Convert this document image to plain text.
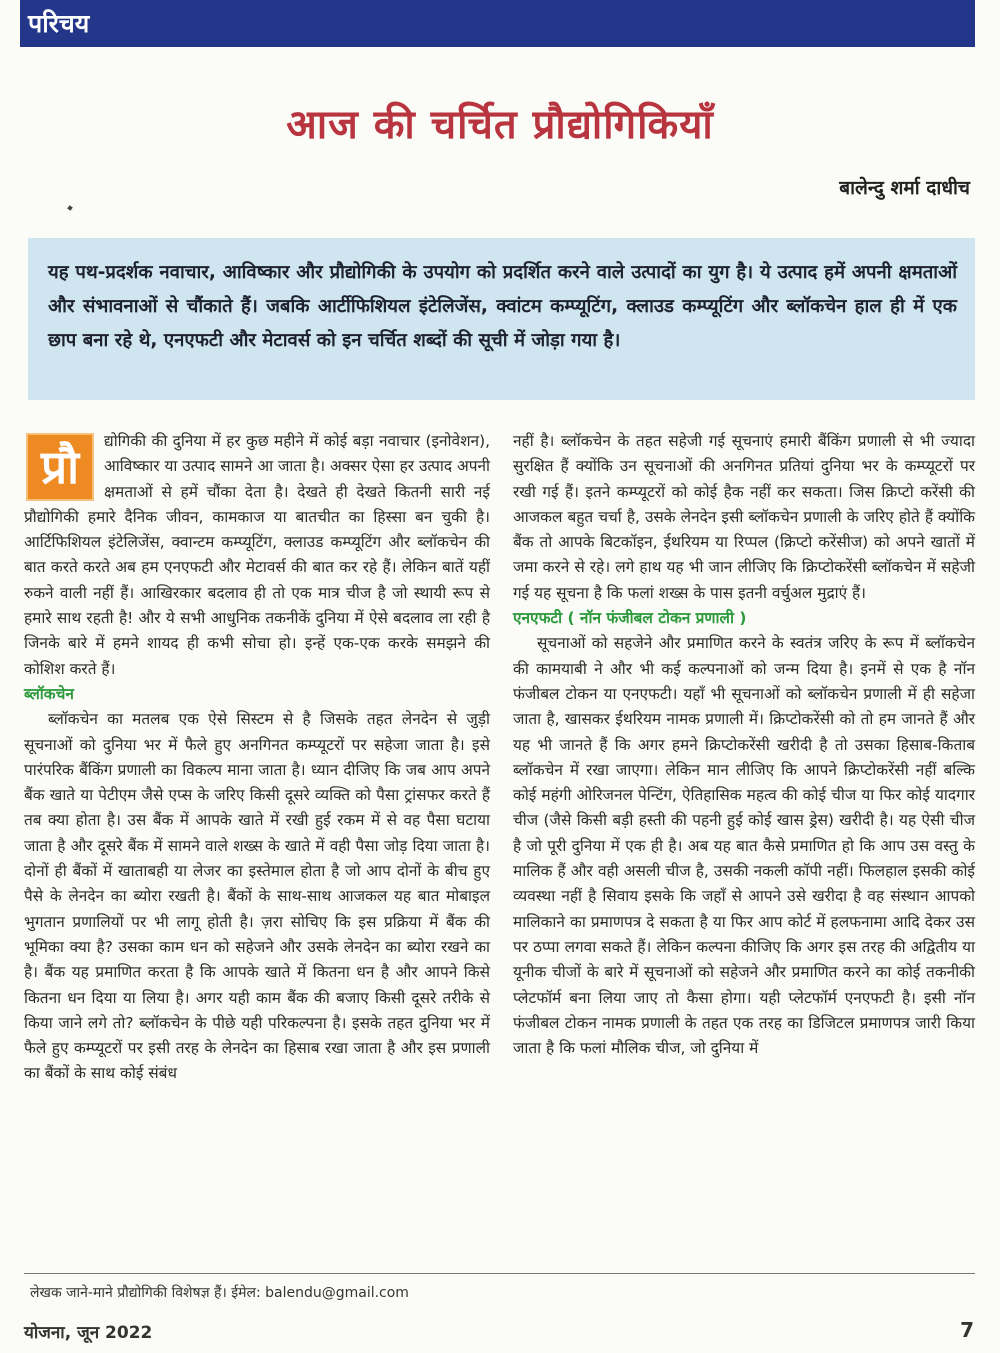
परिचय
आज की चर्चित प्रौद्योगिकियाँ
बालेन्दु शर्मा दाधीच

यह पथ-प्रदर्शक नवाचार, आविष्कार और प्रौद्योगिकी के उपयोग को प्रदर्शित करने वाले उत्पादों का युग है। ये उत्पाद हमें अपनी क्षमताओं और संभावनाओं से चौंकाते हैं। जबकि आर्टीफिशियल इंटेलिजेंस, क्वांटम कम्प्यूटिंग, क्लाउड कम्प्यूटिंग और ब्लॉकचेन हाल ही में एक छाप बना रहे थे, एनएफटी और मेटावर्स को इन चर्चित शब्दों की सूची में जोड़ा गया है।

प्रौ	द्योगिकी की दुनिया में हर कुछ महीने में कोई बड़ा नवाचार (इनोवेशन), आविष्कार या उत्पाद सामने आ जाता है। अक्सर ऐसा हर उत्पाद अपनी क्षमताओं से हमें चौंका देता है। देखते ही देखते कितनी सारी नई प्रौद्योगिकी हमारे दैनिक जीवन, कामकाज या बातचीत का हिस्सा बन चुकी है। आर्टिफिशियल इंटेलिजेंस, क्वान्टम कम्प्यूटिंग, क्लाउड कम्प्यूटिंग और ब्लॉकचेन की बात करते करते अब हम एनएफटी और मेटावर्स की बात कर रहे हैं। लेकिन बातें यहीं रुकने वाली नहीं हैं। आखिरकार बदलाव ही तो एक मात्र चीज है जो स्थायी रूप से हमारे साथ रहती है! और ये सभी आधुनिक तकनीकें दुनिया में ऐसे बदलाव ला रही है जिनके बारे में हमने शायद ही कभी सोचा हो। इन्हें एक-एक करके समझने की कोशिश करते हैं।

ब्लॉकचेन

ब्लॉकचेन का मतलब एक ऐसे सिस्टम से है जिसके तहत लेनदेन से जुड़ी सूचनाओं को दुनिया भर में फैले हुए अनगिनत कम्प्यूटरों पर सहेजा जाता है। इसे पारंपरिक बैंकिंग प्रणाली का विकल्प माना जाता है। ध्यान दीजिए कि जब आप अपने बैंक खाते या पेटीएम जैसे एप्स के जरिए किसी दूसरे व्यक्ति को पैसा ट्रांसफर करते हैं तब क्या होता है। उस बैंक में आपके खाते में रखी हुई रकम में से वह पैसा घटाया जाता है और दूसरे बैंक में सामने वाले शख्स के खाते में वही पैसा जोड़ दिया जाता है। दोनों ही बैंकों में खाताबही या लेजर का इस्तेमाल होता है जो आप दोनों के बीच हुए पैसे के लेनदेन का ब्योरा रखती है। बैंकों के साथ-साथ आजकल यह बात मोबाइल भुगतान प्रणालियों पर भी लागू होती है। ज़रा सोचिए कि इस प्रक्रिया में बैंक की भूमिका क्या है? उसका काम धन को सहेजने और उसके लेनदेन का ब्योरा रखने का है। बैंक यह प्रमाणित करता है कि आपके खाते में कितना धन है और आपने किसे कितना धन दिया या लिया है। अगर यही काम बैंक की बजाए किसी दूसरे तरीके से किया जाने लगे तो? ब्लॉकचेन के पीछे यही परिकल्पना है। इसके तहत दुनिया भर में फैले हुए कम्प्यूटरों पर इसी तरह के लेनदेन का हिसाब रखा जाता है और इस प्रणाली का बैंकों के साथ कोई संबंध

नहीं है। ब्लॉकचेन के तहत सहेजी गई सूचनाएं हमारी बैंकिंग प्रणाली से भी ज्यादा सुरक्षित हैं क्योंकि उन सूचनाओं की अनगिनत प्रतियां दुनिया भर के कम्प्यूटरों पर रखी गई हैं। इतने कम्प्यूटरों को कोई हैक नहीं कर सकता। जिस क्रिप्टो करेंसी की आजकल बहुत चर्चा है, उसके लेनदेन इसी ब्लॉकचेन प्रणाली के जरिए होते हैं क्योंकि बैंक तो आपके बिटकॉइन, ईथरियम या रिप्पल (क्रिप्टो करेंसीज) को अपने खातों में जमा करने से रहे। लगे हाथ यह भी जान लीजिए कि क्रिप्टोकरेंसी ब्लॉकचेन में सहेजी गई यह सूचना है कि फलां शख्स के पास इतनी वर्चुअल मुद्राएं हैं।

एनएफटी ( नॉन फंजीबल टोकन प्रणाली )

सूचनाओं को सहजेने और प्रमाणित करने के स्वतंत्र जरिए के रूप में ब्लॉकचेन की कामयाबी ने और भी कई कल्पनाओं को जन्म दिया है। इनमें से एक है नॉन फंजीबल टोकन या एनएफटी। यहाँ भी सूचनाओं को ब्लॉकचेन प्रणाली में ही सहेजा जाता है, खासकर ईथरियम नामक प्रणाली में। क्रिप्टोकरेंसी को तो हम जानते हैं और यह भी जानते हैं कि अगर हमने क्रिप्टोकरेंसी खरीदी है तो उसका हिसाब-किताब ब्लॉकचेन में रखा जाएगा। लेकिन मान लीजिए कि आपने क्रिप्टोकरेंसी नहीं बल्कि कोई महंगी ओरिजनल पेन्टिंग, ऐतिहासिक महत्व की कोई चीज या फिर कोई यादगार चीज (जैसे किसी बड़ी हस्ती की पहनी हुई कोई खास ड्रेस) खरीदी है। यह ऐसी चीज है जो पूरी दुनिया में एक ही है। अब यह बात कैसे प्रमाणित हो कि आप उस वस्तु के मालिक हैं और वही असली चीज है, उसकी नकली कॉपी नहीं। फिलहाल इसकी कोई व्यवस्था नहीं है सिवाय इसके कि जहाँ से आपने उसे खरीदा है वह संस्थान आपको मालिकाने का प्रमाणपत्र दे सकता है या फिर आप कोर्ट में हलफनामा आदि देकर उस पर ठप्पा लगवा सकते हैं। लेकिन कल्पना कीजिए कि अगर इस तरह की अद्वितीय या यूनीक चीजों के बारे में सूचनाओं को सहेजने और प्रमाणित करने का कोई तकनीकी प्लेटफॉर्म बना लिया जाए तो कैसा होगा। यही प्लेटफॉर्म एनएफटी है। इसी नॉन फंजीबल टोकन नामक प्रणाली के तहत एक तरह का डिजिटल प्रमाणपत्र जारी किया जाता है कि फलां मौलिक चीज, जो दुनिया में

लेखक जाने-माने प्रौद्योगिकी विशेषज्ञ हैं। ईमेल: balendu@gmail.com
योजना, जून 2022	7
